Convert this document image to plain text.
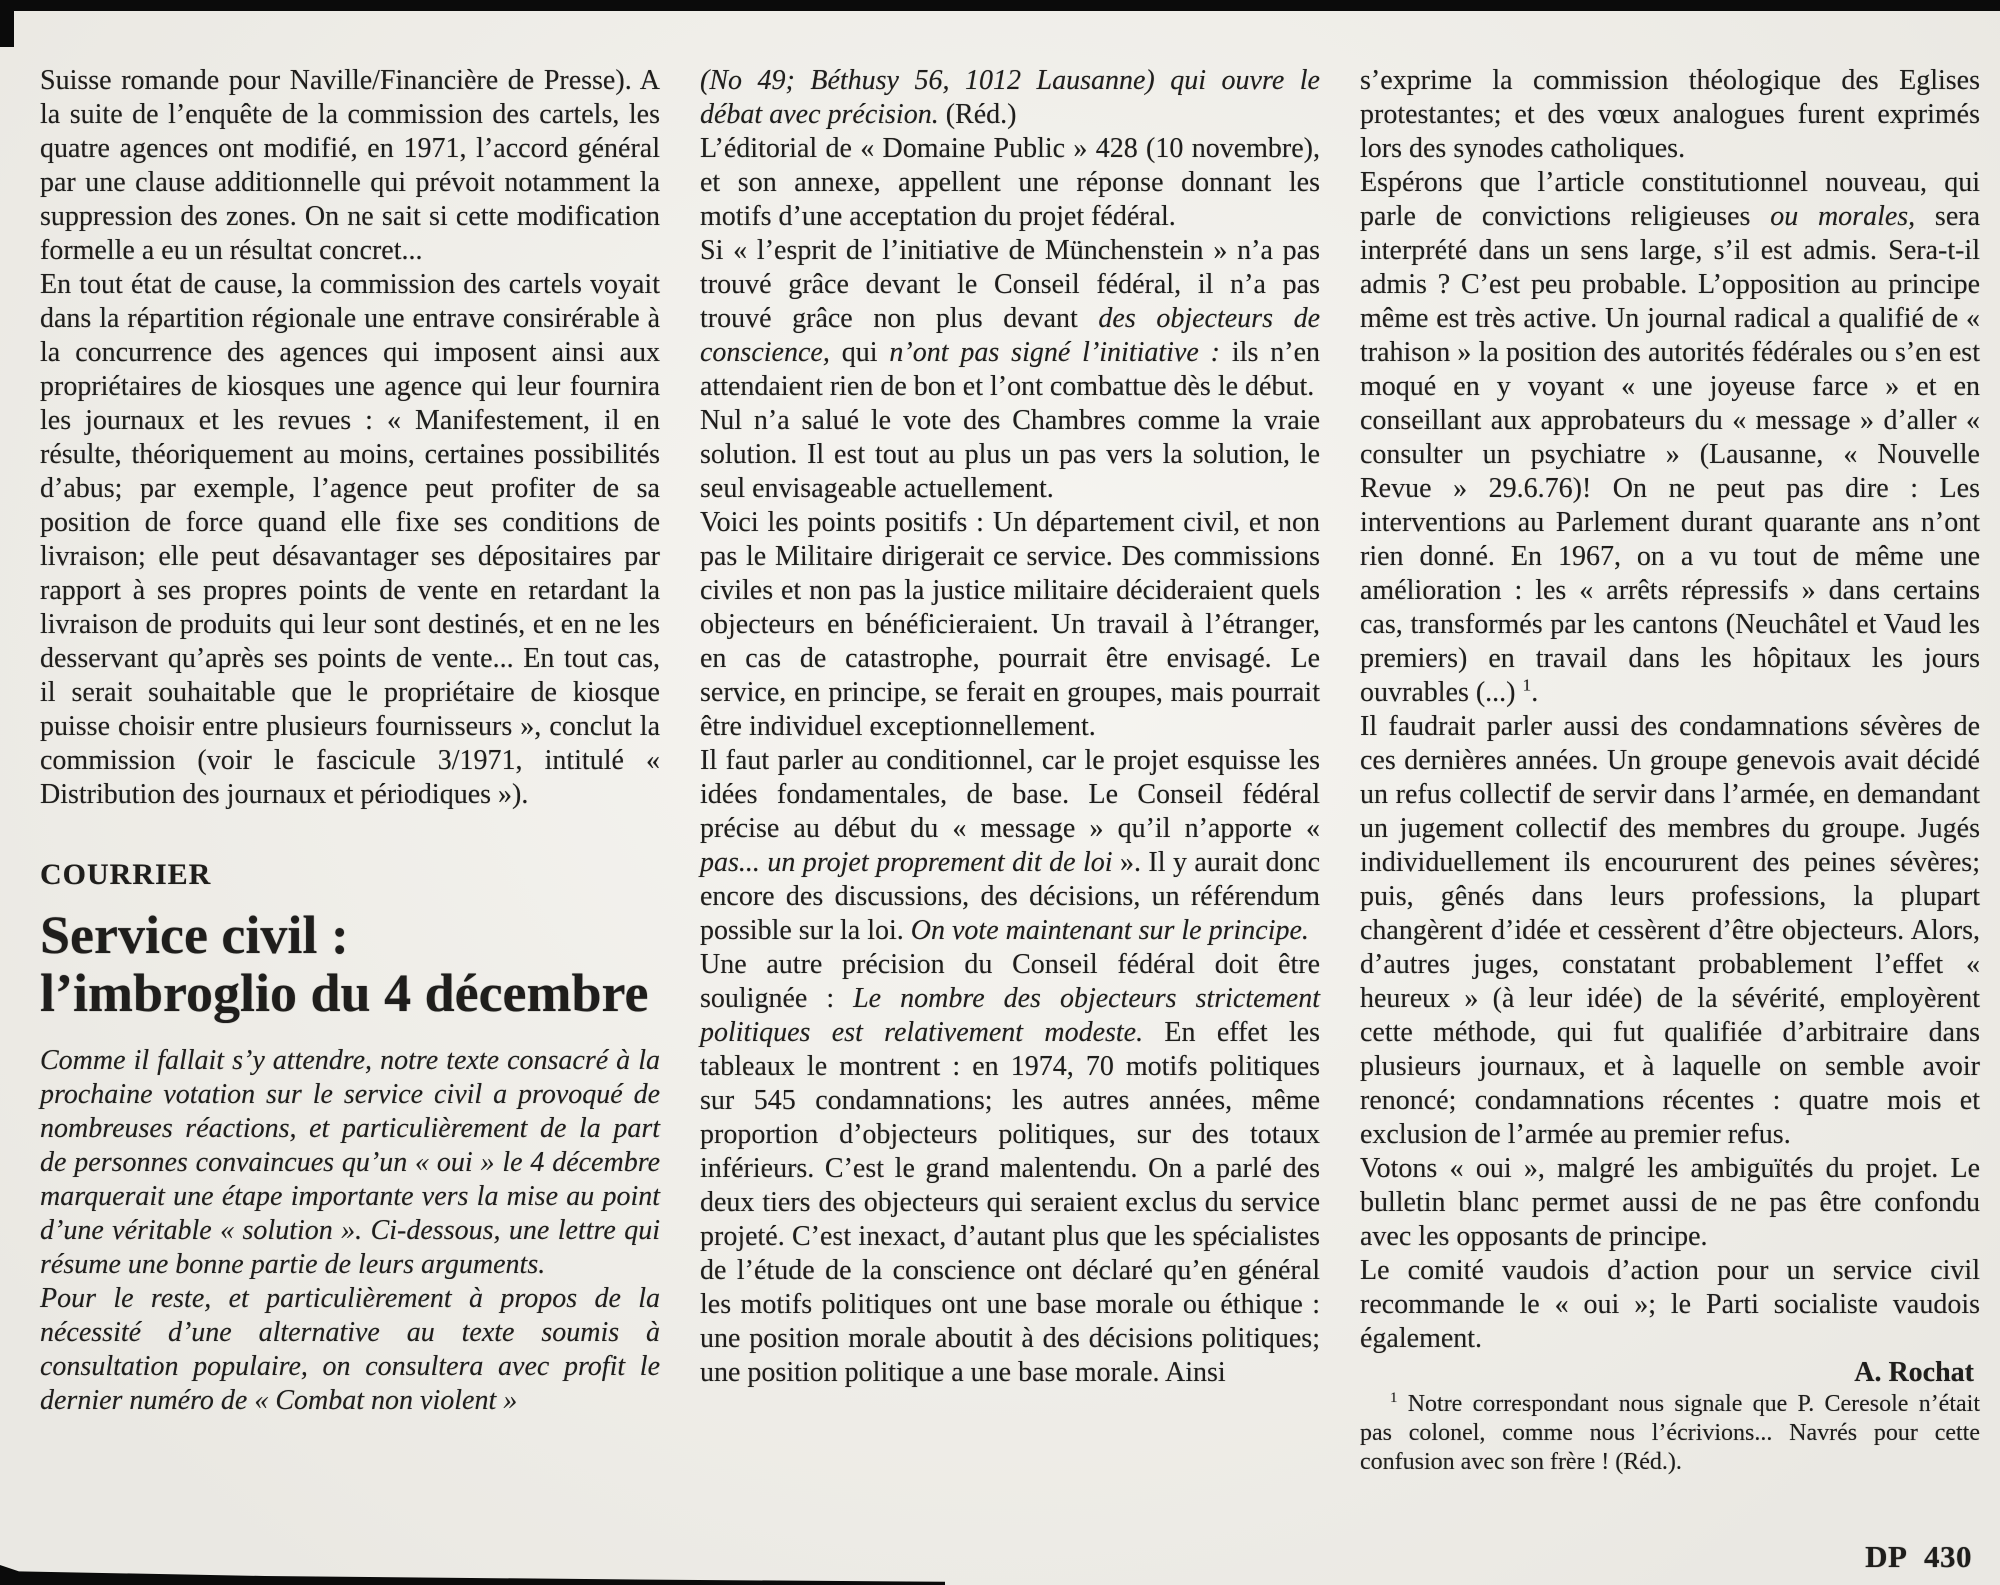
Suisse romande pour Naville/Financière de Presse). A la suite de l’enquête de la commission des cartels, les quatre agences ont modifié, en 1971, l’accord général par une clause additionnelle qui prévoit notamment la suppression des zones. On ne sait si cette modification formelle a eu un résultat concret...

En tout état de cause, la commission des cartels voyait dans la répartition régionale une entrave consirérable à la concurrence des agences qui imposent ainsi aux propriétaires de kiosques une agence qui leur fournira les journaux et les revues : « Manifestement, il en résulte, théoriquement au moins, certaines possibilités d’abus; par exemple, l’agence peut profiter de sa position de force quand elle fixe ses conditions de livraison; elle peut désavantager ses dépositaires par rapport à ses propres points de vente en retardant la livraison de produits qui leur sont destinés, et en ne les desservant qu’après ses points de vente... En tout cas, il serait souhaitable que le propriétaire de kiosque puisse choisir entre plusieurs fournisseurs », conclut la commission (voir le fascicule 3/1971, intitulé « Distribution des journaux et périodiques »).

COURRIER

Service civil :
l’imbroglio du 4 décembre

Comme il fallait s’y attendre, notre texte consacré à la prochaine votation sur le service civil a provoqué de nombreuses réactions, et particulièrement de la part de personnes convaincues qu’un « oui » le 4 décembre marquerait une étape importante vers la mise au point d’une véritable « solution ». Ci-dessous, une lettre qui résume une bonne partie de leurs arguments.

Pour le reste, et particulièrement à propos de la nécessité d’une alternative au texte soumis à consultation populaire, on consultera avec profit le dernier numéro de « Combat non violent »

(No 49; Béthusy 56, 1012 Lausanne) qui ouvre le débat avec précision. (Réd.)

L’éditorial de « Domaine Public » 428 (10 novembre), et son annexe, appellent une réponse donnant les motifs d’une acceptation du projet fédéral.

Si « l’esprit de l’initiative de Münchenstein » n’a pas trouvé grâce devant le Conseil fédéral, il n’a pas trouvé grâce non plus devant des objecteurs de conscience, qui n’ont pas signé l’initiative : ils n’en attendaient rien de bon et l’ont combattue dès le début.

Nul n’a salué le vote des Chambres comme la vraie solution. Il est tout au plus un pas vers la solution, le seul envisageable actuellement.

Voici les points positifs : Un département civil, et non pas le Militaire dirigerait ce service. Des commissions civiles et non pas la justice militaire décideraient quels objecteurs en bénéficieraient. Un travail à l’étranger, en cas de catastrophe, pourrait être envisagé. Le service, en principe, se ferait en groupes, mais pourrait être individuel exceptionnellement.

Il faut parler au conditionnel, car le projet esquisse les idées fondamentales, de base. Le Conseil fédéral précise au début du « message » qu’il n’apporte « pas... un projet proprement dit de loi ». Il y aurait donc encore des discussions, des décisions, un référendum possible sur la loi. On vote maintenant sur le principe.

Une autre précision du Conseil fédéral doit être soulignée : Le nombre des objecteurs strictement politiques est relativement modeste. En effet les tableaux le montrent : en 1974, 70 motifs politiques sur 545 condamnations; les autres années, même proportion d’objecteurs politiques, sur des totaux inférieurs. C’est le grand malentendu. On a parlé des deux tiers des objecteurs qui seraient exclus du service projeté. C’est inexact, d’autant plus que les spécialistes de l’étude de la conscience ont déclaré qu’en général les motifs politiques ont une base morale ou éthique : une position morale aboutit à des décisions politiques; une position politique a une base morale. Ainsi

s’exprime la commission théologique des Eglises protestantes; et des vœux analogues furent exprimés lors des synodes catholiques.

Espérons que l’article constitutionnel nouveau, qui parle de convictions religieuses ou morales, sera interprété dans un sens large, s’il est admis. Sera-t-il admis ? C’est peu probable. L’opposition au principe même est très active. Un journal radical a qualifié de « trahison » la position des autorités fédérales ou s’en est moqué en y voyant « une joyeuse farce » et en conseillant aux approbateurs du « message » d’aller « consulter un psychiatre » (Lausanne, « Nouvelle Revue » 29.6.76)! On ne peut pas dire : Les interventions au Parlement durant quarante ans n’ont rien donné. En 1967, on a vu tout de même une amélioration : les « arrêts répressifs » dans certains cas, transformés par les cantons (Neuchâtel et Vaud les premiers) en travail dans les hôpitaux les jours ouvrables (...) $^1$.

Il faudrait parler aussi des condamnations sévères de ces dernières années. Un groupe genevois avait décidé un refus collectif de servir dans l’armée, en demandant un jugement collectif des membres du groupe. Jugés individuellement ils encoururent des peines sévères; puis, gênés dans leurs professions, la plupart changèrent d’idée et cessèrent d’être objecteurs. Alors, d’autres juges, constatant probablement l’effet « heureux » (à leur idée) de la sévérité, employèrent cette méthode, qui fut qualifiée d’arbitraire dans plusieurs journaux, et à laquelle on semble avoir renoncé; condamnations récentes : quatre mois et exclusion de l’armée au premier refus.

Votons « oui », malgré les ambiguïtés du projet. Le bulletin blanc permet aussi de ne pas être confondu avec les opposants de principe.

Le comité vaudois d’action pour un service civil recommande le « oui »; le Parti socialiste vaudois également.

A. Rochat

$^1$ Notre correspondant nous signale que P. Ceresole n’était pas colonel, comme nous l’écrivions... Navrés pour cette confusion avec son frère ! (Réd.).

DP 430
